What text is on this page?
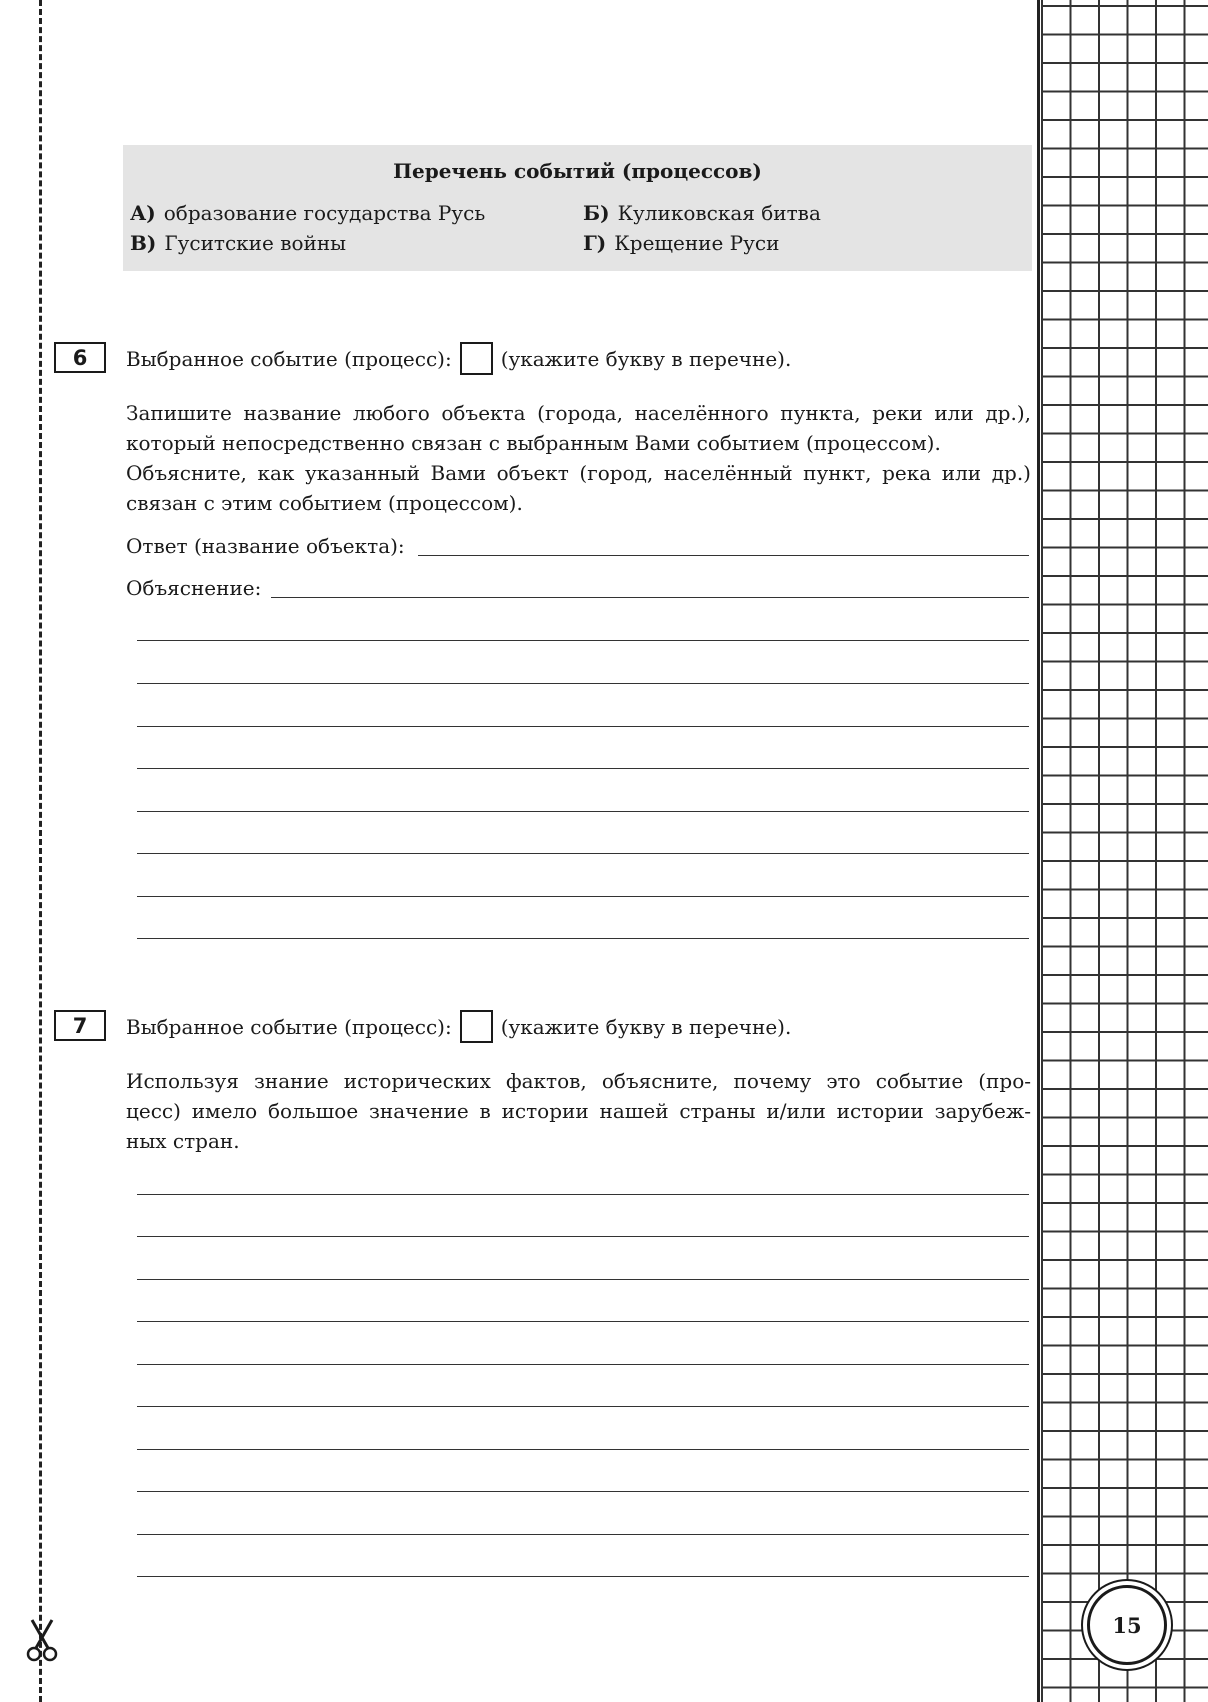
15
Перечень событий (процессов)
А) образование государства Русь	Б) Куликовская битва
В) Гуситские войны	Г) Крещение Руси
6	Выбранное событие (процесс): (укажите букву в перечне).
Запишите название любого объекта (города, населённого пункта, реки или др.),
который непосредственно связан с выбранным Вами событием (процессом).
Объясните, как указанный Вами объект (город, населённый пункт, река или др.)
связан с этим событием (процессом).
Ответ (название объекта):
Объяснение:
7	Выбранное событие (процесс): (укажите букву в перечне).
Используя знание исторических фактов, объясните, почему это событие (про-
цесс) имело большое значение в истории нашей страны и/или истории зарубеж-
ных стран.
